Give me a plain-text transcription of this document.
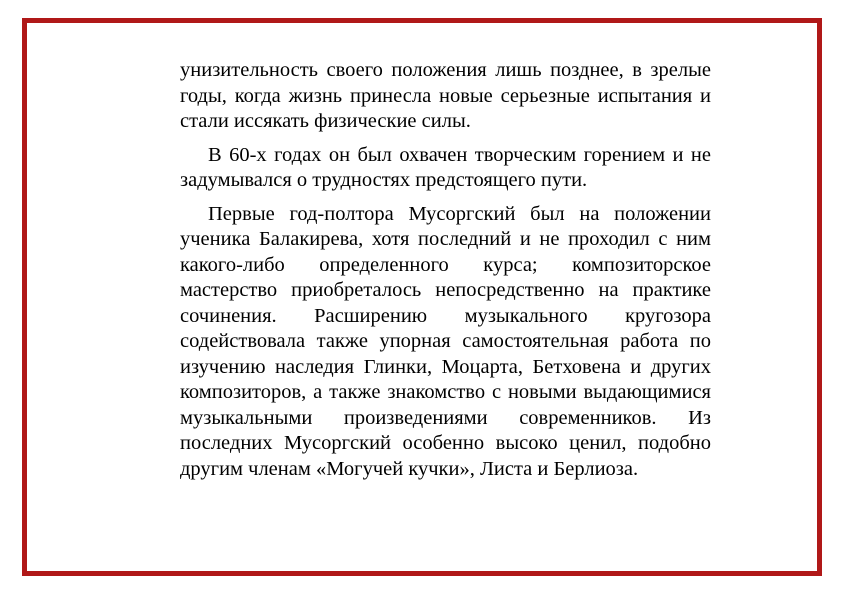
унизительность своего положения лишь позднее, в зрелые годы, когда жизнь принесла новые серьезные испытания и стали иссякать физические силы.

В 60-х годах он был охвачен творческим горением и не задумывался о трудностях предстоящего пути.

Первые год-полтора Мусоргский был на положении ученика Балакирева, хотя последний и не проходил с ним какого-либо определенного курса; композиторское мастерство приобреталось непосредственно на практике сочинения. Расширению музыкального кругозора содействовала также упорная самостоятельная работа по изучению наследия Глинки, Моцарта, Бетховена и других композиторов, а также знакомство с новыми выдающимися музыкальными произведениями современников. Из последних Мусоргский особенно высоко ценил, подобно другим членам «Могучей кучки», Листа и Берлиоза.
